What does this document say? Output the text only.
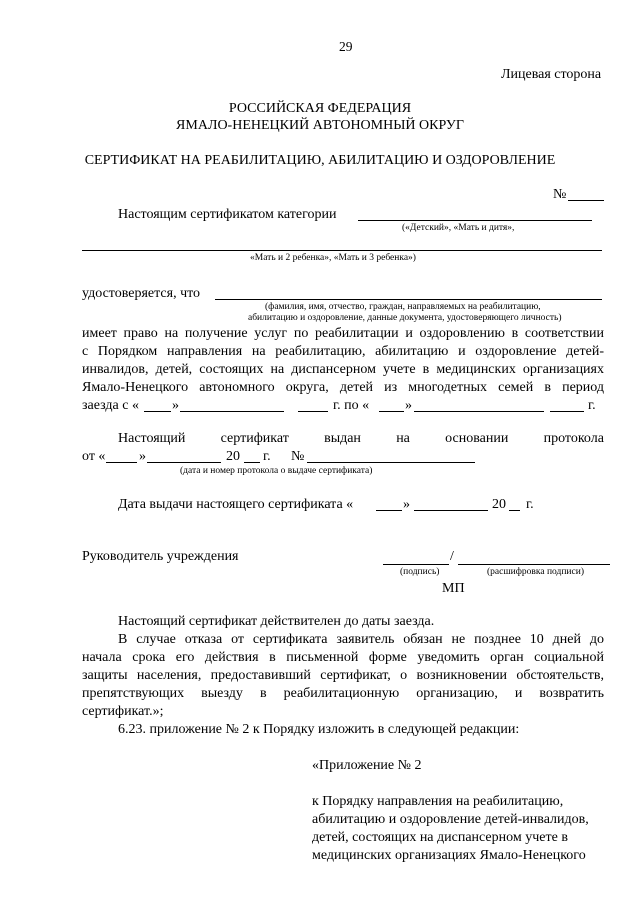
29
Лицевая сторона
РОССИЙСКАЯ ФЕДЕРАЦИЯ
ЯМАЛО-НЕНЕЦКИЙ АВТОНОМНЫЙ ОКРУГ
СЕРТИФИКАТ НА РЕАБИЛИТАЦИЮ, АБИЛИТАЦИЮ И ОЗДОРОВЛЕНИЕ
№
Настоящим сертификатом категории
(«Детский», «Мать и дитя»,
«Мать и 2 ребенка», «Мать и 3 ребенка»)
удостоверяется, что
(фамилия, имя, отчество, граждан, направляемых на реабилитацию,
абилитацию и оздоровление, данные документа, удостоверяющего личность)
имеет право на получение услуг по реабилитации и оздоровлению в соответствии
с Порядком направления на реабилитацию, абилитацию и оздоровление детей-
инвалидов, детей, состоящих на диспансерном учете в медицинских организациях
Ямало-Ненецкого автономного округа, детей из многодетных семей в период
заезда с « »	г. по «	»	г.
Настоящий	сертификат	выдан	на	основании	протокола
от « »	20 г. №
(дата и номер протокола о выдаче сертификата)
Дата выдачи настоящего сертификата «	»	20 г.
Руководитель учреждения	/
(подпись)	(расшифровка подписи)
МП
Настоящий сертификат действителен до даты заезда.
В случае отказа от сертификата заявитель обязан не позднее 10 дней до
начала срока его действия в письменной форме уведомить орган социальной
защиты населения, предоставивший сертификат, о возникновении обстоятельств,
препятствующих выезду в реабилитационную организацию, и возвратить
сертификат.»;
6.23. приложение № 2 к Порядку изложить в следующей редакции:
«Приложение № 2
к Порядку направления на реабилитацию,
абилитацию и оздоровление детей-инвалидов,
детей, состоящих на диспансерном учете в
медицинских организациях Ямало-Ненецкого
